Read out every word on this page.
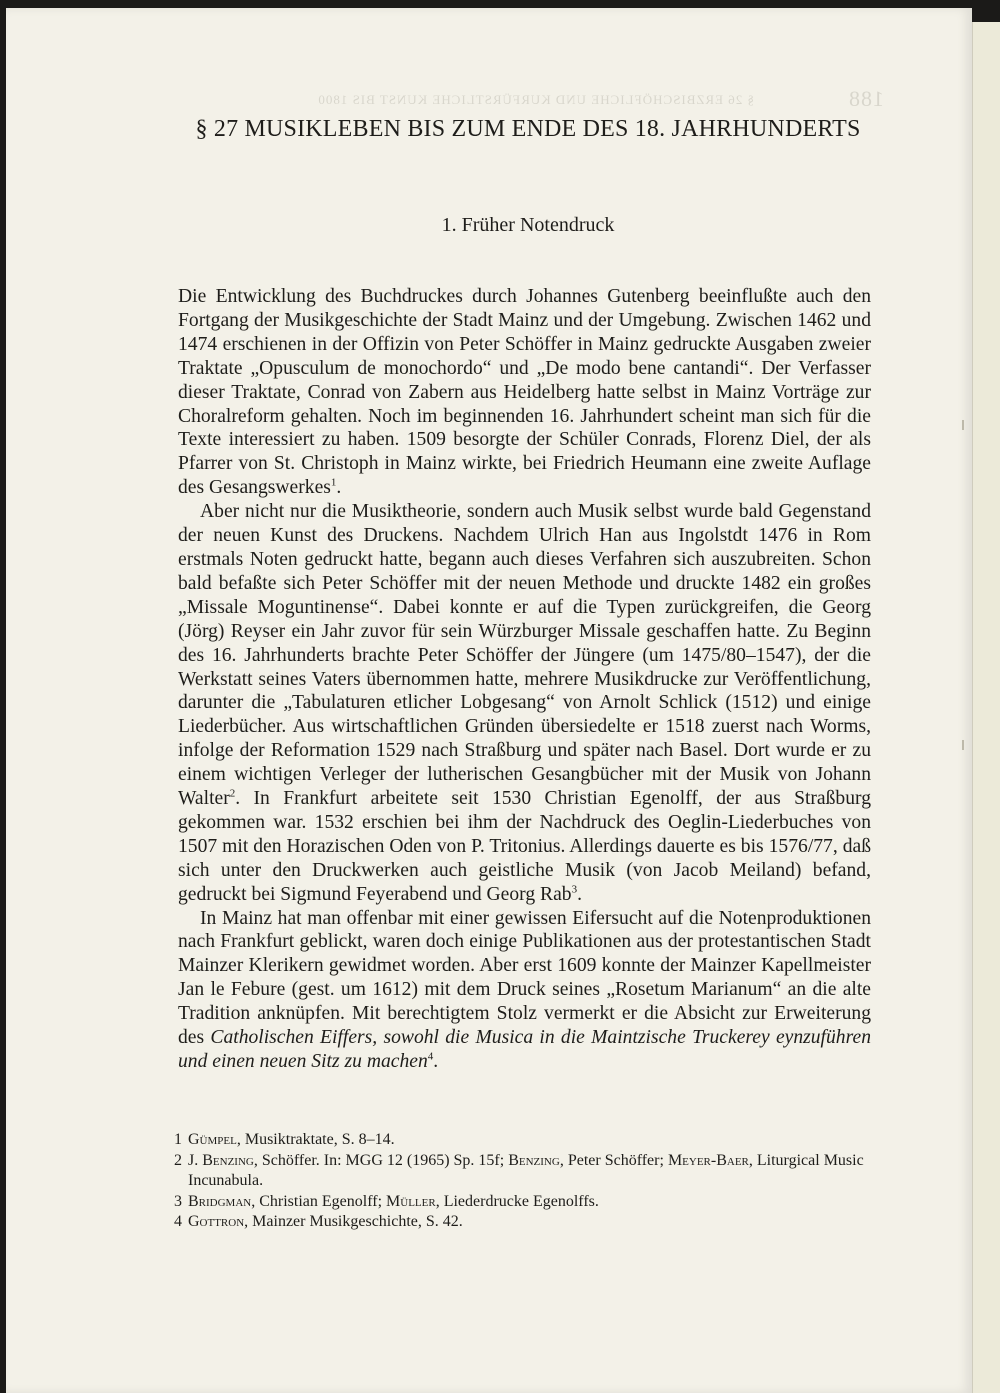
188
§ 26 ERZBISCHÖFLICHE UND KURFÜRSTLICHE KUNST BIS 1800
§ 27 MUSIKLEBEN BIS ZUM ENDE DES 18. JAHRHUNDERTS
1. Früher Notendruck

Die Entwicklung des Buchdruckes durch Johannes Gutenberg beeinflußte auch den Fortgang der Musikgeschichte der Stadt Mainz und der Umgebung. Zwischen 1462 und 1474 erschienen in der Offizin von Peter Schöffer in Mainz gedruckte Ausgaben zweier Traktate „Opusculum de monochordo“ und „De modo bene cantandi“. Der Verfasser dieser Traktate, Conrad von Zabern aus Heidelberg hatte selbst in Mainz Vorträge zur Choralreform gehalten. Noch im beginnenden 16. Jahrhundert scheint man sich für die Texte interessiert zu haben. 1509 besorgte der Schüler Conrads, Florenz Diel, der als Pfarrer von St. Christoph in Mainz wirkte, bei Friedrich Heumann eine zweite Auflage des Gesangswerkes$^1$.

Aber nicht nur die Musiktheorie, sondern auch Musik selbst wurde bald Gegenstand der neuen Kunst des Druckens. Nachdem Ulrich Han aus Ingolstdt 1476 in Rom erstmals Noten gedruckt hatte, begann auch dieses Verfahren sich auszubreiten. Schon bald befaßte sich Peter Schöffer mit der neuen Methode und druckte 1482 ein großes „Missale Moguntinense“. Dabei konnte er auf die Typen zurückgreifen, die Georg (Jörg) Reyser ein Jahr zuvor für sein Würzburger Missale geschaffen hatte. Zu Beginn des 16. Jahrhunderts brachte Peter Schöffer der Jüngere (um 1475/80–1547), der die Werkstatt seines Vaters übernommen hatte, mehrere Musikdrucke zur Veröffentlichung, darunter die „Tabulaturen etlicher Lobgesang“ von Arnolt Schlick (1512) und einige Liederbücher. Aus wirtschaftlichen Gründen übersiedelte er 1518 zuerst nach Worms, infolge der Reformation 1529 nach Straßburg und später nach Basel. Dort wurde er zu einem wichtigen Verleger der lutherischen Gesangbücher mit der Musik von Johann Walter$^2$. In Frankfurt arbeitete seit 1530 Christian Egenolff, der aus Straßburg gekommen war. 1532 erschien bei ihm der Nachdruck des Oeglin-Liederbuches von 1507 mit den Horazischen Oden von P. Tritonius. Allerdings dauerte es bis 1576/77, daß sich unter den Druckwerken auch geistliche Musik (von Jacob Meiland) befand, gedruckt bei Sigmund Feyerabend und Georg Rab$^3$.

In Mainz hat man offenbar mit einer gewissen Eifersucht auf die Notenproduktionen nach Frankfurt geblickt, waren doch einige Publikationen aus der protestantischen Stadt Mainzer Klerikern gewidmet worden. Aber erst 1609 konnte der Mainzer Kapellmeister Jan le Febure (gest. um 1612) mit dem Druck seines „Rosetum Marianum“ an die alte Tradition anknüpfen. Mit berechtigtem Stolz vermerkt er die Absicht zur Erweiterung des Catholischen Eiffers, sowohl die Musica in die Maintzische Truckerey eynzuführen und einen neuen Sitz zu machen$^4$.

1 Gümpel, Musiktraktate, S. 8–14.
2 J. Benzing, Schöffer. In: MGG 12 (1965) Sp. 15f; Benzing, Peter Schöffer; Meyer-Baer, Liturgical Music Incunabula.
3 Bridgman, Christian Egenolff; Müller, Liederdrucke Egenolffs.
4 Gottron, Mainzer Musikgeschichte, S. 42.
